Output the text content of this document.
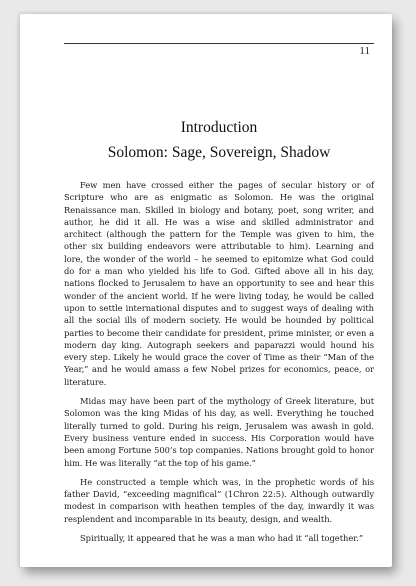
11
Introduction
Solomon: Sage, Sovereign, Shadow

Few men have crossed either the pages of secular history or of Scripture who are as enigmatic as Solomon. He was the original Renaissance man. Skilled in biology and botany, poet, song writer, and author, he did it all. He was a wise and skilled administrator and architect (although the pattern for the Temple was given to him, the other six building endeavors were attributable to him). Learning and lore, the wonder of the world – he seemed to epitomize what God could do for a man who yielded his life to God. Gifted above all in his day, nations flocked to Jerusalem to have an opportunity to see and hear this wonder of the ancient world. If he were living today, he would be called upon to settle international disputes and to suggest ways of dealing with all the social ills of modern society. He would be hounded by political parties to become their candidate for president, prime minister, or even a modern day king. Autograph seekers and paparazzi would hound his every step. Likely he would grace the cover of Time as their “Man of the Year,” and he would amass a few Nobel prizes for economics, peace, or literature.

Midas may have been part of the mythology of Greek literature, but Solomon was the king Midas of his day, as well. Everything he touched literally turned to gold. During his reign, Jerusalem was awash in gold. Every business venture ended in success. His Corporation would have been among Fortune 500’s top companies. Nations brought gold to honor him. He was literally “at the top of his game.”

He constructed a temple which was, in the prophetic words of his father David, “exceeding magnifical” (1Chron 22:5). Although outwardly modest in comparison with heathen temples of the day, inwardly it was resplendent and incomparable in its beauty, design, and wealth.

Spiritually, it appeared that he was a man who had it “all together.”
